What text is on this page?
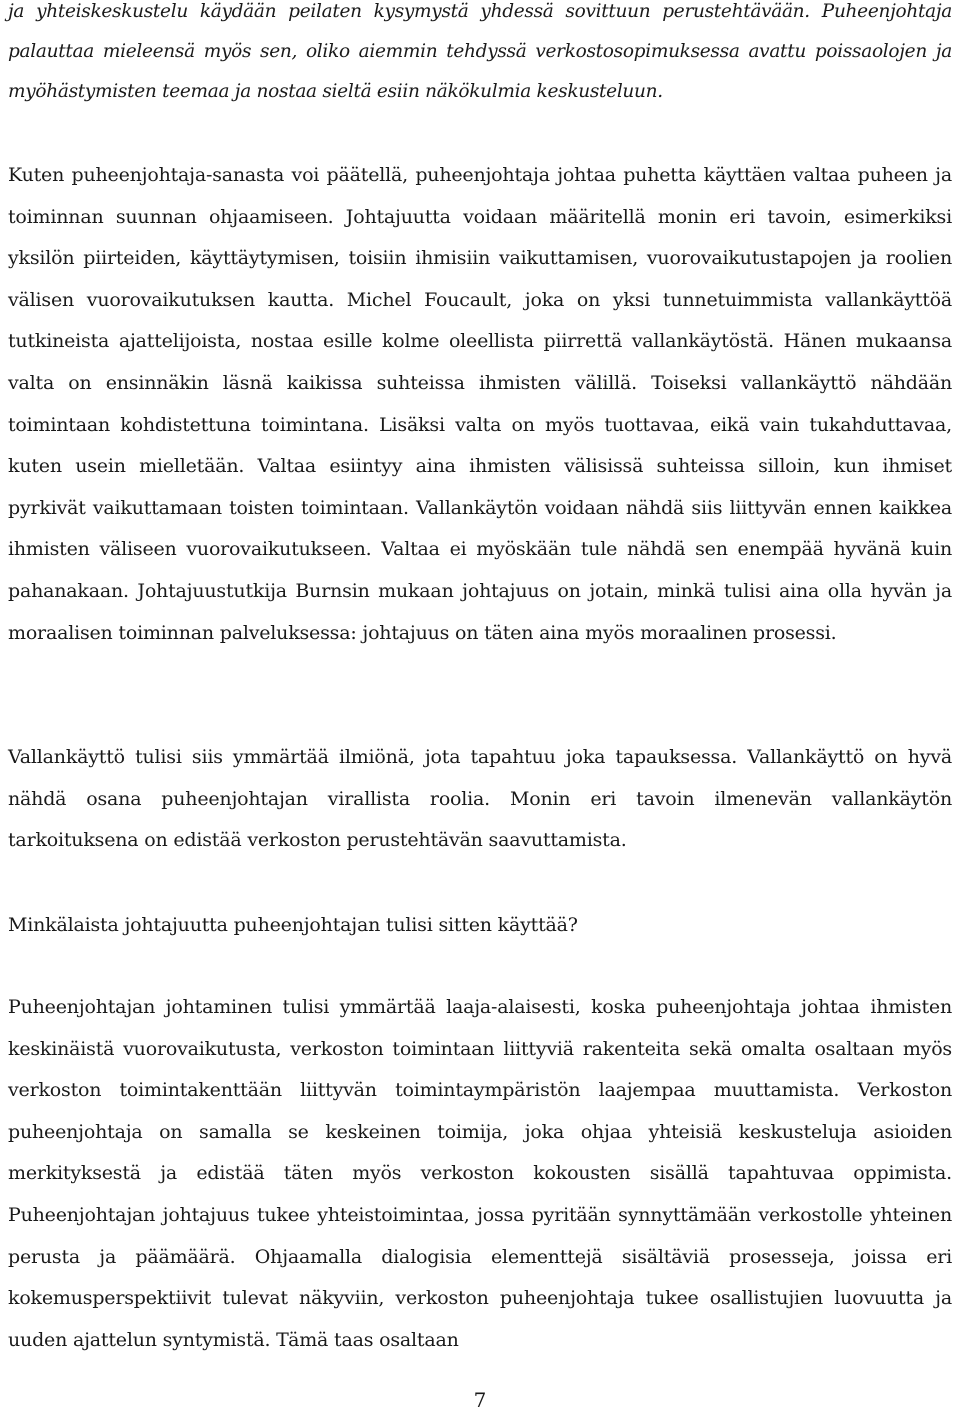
ja yhteiskeskustelu käydään peilaten kysymystä yhdessä sovittuun perustehtävään. Puheenjohtaja palauttaa mieleensä myös sen, oliko aiemmin tehdyssä verkostosopimuksessa avattu poissaolojen ja myöhästymisten teemaa ja nostaa sieltä esiin näkökulmia keskusteluun.

Kuten puheenjohtaja-sanasta voi päätellä, puheenjohtaja johtaa puhetta käyttäen valtaa puheen ja toiminnan suunnan ohjaamiseen. Johtajuutta voidaan määritellä monin eri tavoin, esimerkiksi yksilön piirteiden, käyttäytymisen, toisiin ihmisiin vaikuttamisen, vuorovaikutustapojen ja roolien välisen vuorovaikutuksen kautta. Michel Foucault, joka on yksi tunnetuimmista vallankäyttöä tutkineista ajattelijoista, nostaa esille kolme oleellista piirrettä vallankäytöstä. Hänen mukaansa valta on ensinnäkin läsnä kaikissa suhteissa ihmisten välillä. Toiseksi vallankäyttö nähdään toimintaan kohdistettuna toimintana. Lisäksi valta on myös tuottavaa, eikä vain tukahduttavaa, kuten usein mielletään. Valtaa esiintyy aina ihmisten välisissä suhteissa silloin, kun ihmiset pyrkivät vaikuttamaan toisten toimintaan. Vallankäytön voidaan nähdä siis liittyvän ennen kaikkea ihmisten väliseen vuorovaikutukseen. Valtaa ei myöskään tule nähdä sen enempää hyvänä kuin pahanakaan. Johtajuustutkija Burnsin mukaan johtajuus on jotain, minkä tulisi aina olla hyvän ja moraalisen toiminnan palveluksessa: johtajuus on täten aina myös moraalinen prosessi.

Vallankäyttö tulisi siis ymmärtää ilmiönä, jota tapahtuu joka tapauksessa. Vallankäyttö on hyvä nähdä osana puheenjohtajan virallista roolia. Monin eri tavoin ilmenevän vallankäytön tarkoituksena on edistää verkoston perustehtävän saavuttamista.

Minkälaista johtajuutta puheenjohtajan tulisi sitten käyttää?

Puheenjohtajan johtaminen tulisi ymmärtää laaja-alaisesti, koska puheenjohtaja johtaa ihmisten keskinäistä vuorovaikutusta, verkoston toimintaan liittyviä rakenteita sekä omalta osaltaan myös verkoston toimintakenttään liittyvän toimintaympäristön laajempaa muuttamista. Verkoston puheenjohtaja on samalla se keskeinen toimija, joka ohjaa yhteisiä keskusteluja asioiden merkityksestä ja edistää täten myös verkoston kokousten sisällä tapahtuvaa oppimista. Puheenjohtajan johtajuus tukee yhteistoimintaa, jossa pyritään synnyttämään verkostolle yhteinen perusta ja päämäärä. Ohjaamalla dialogisia elementtejä sisältäviä prosesseja, joissa eri kokemusperspektiivit tulevat näkyviin, verkoston puheenjohtaja tukee osallistujien luovuutta ja uuden ajattelun syntymistä. Tämä taas osaltaan

7
